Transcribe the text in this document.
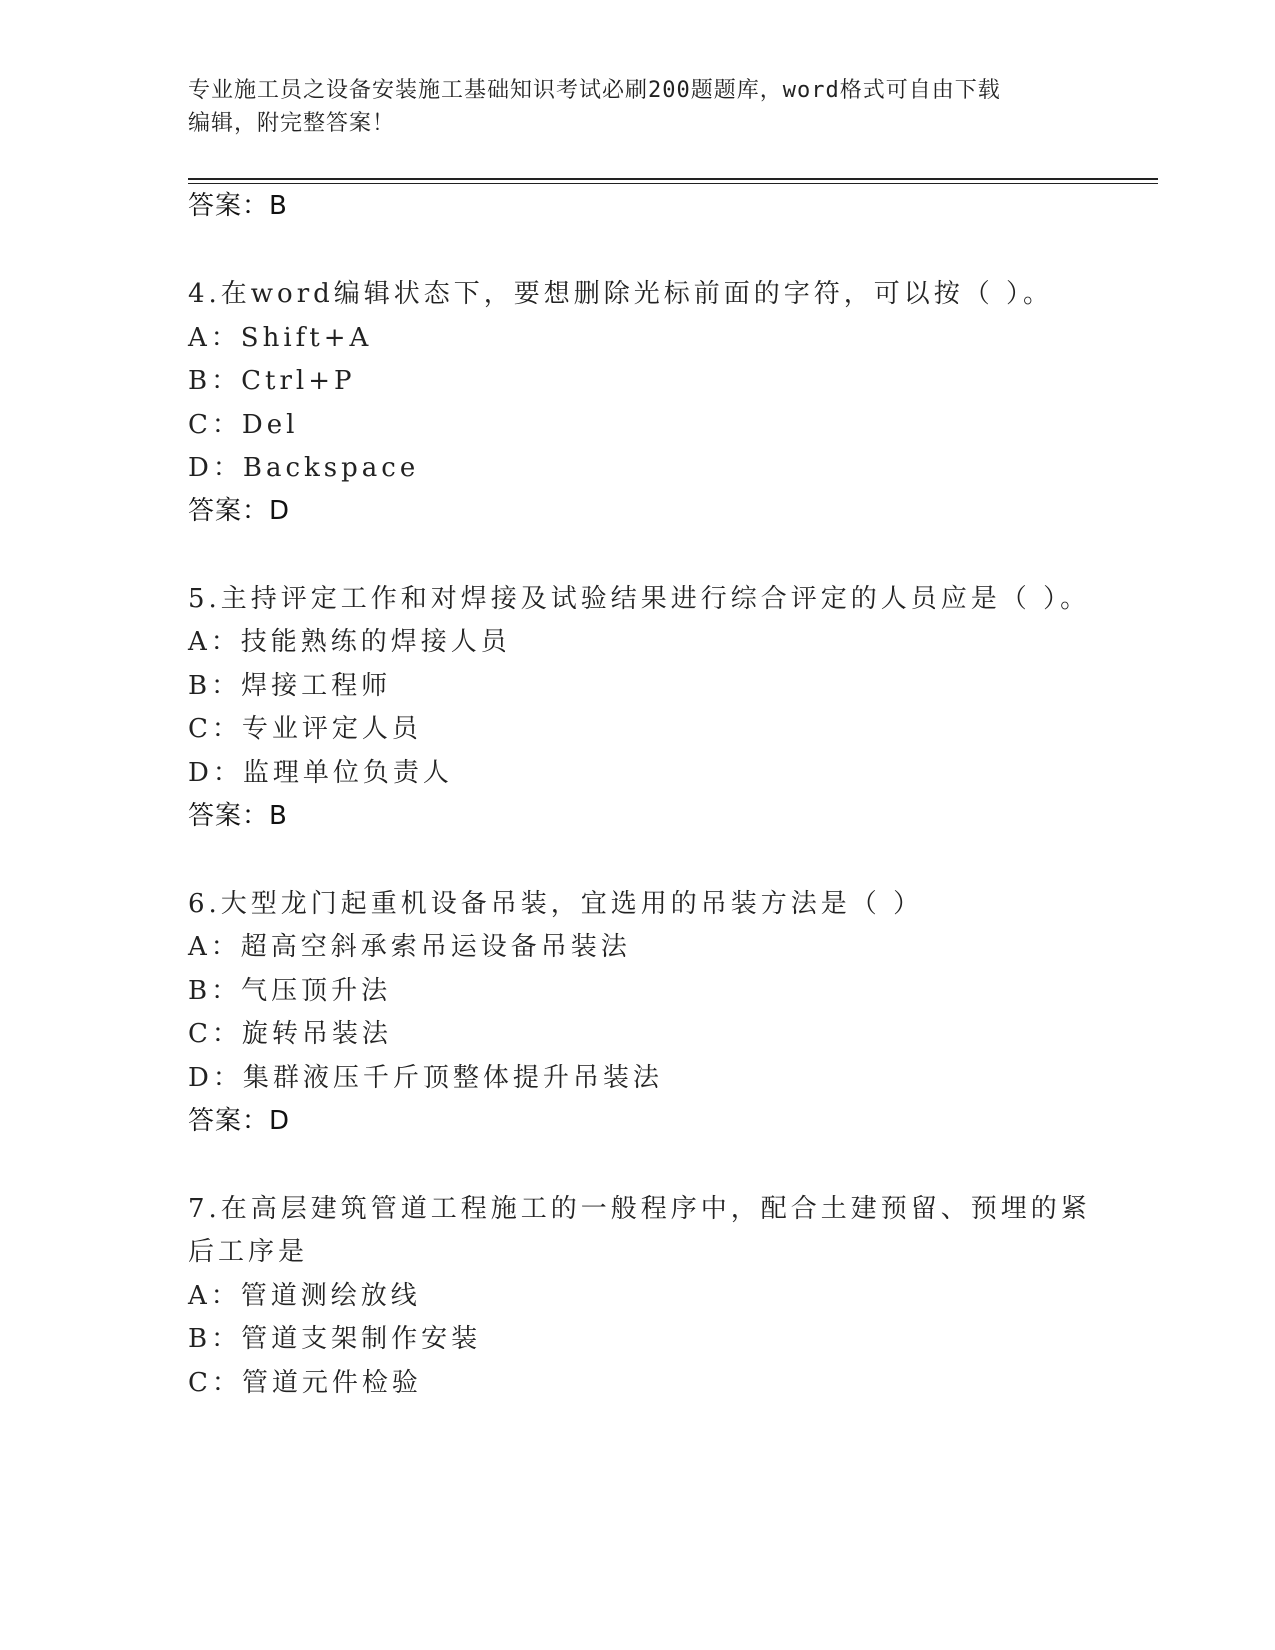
专业施工员之设备安装施工基础知识考试必刷200题题库，word格式可自由下载
编辑，附完整答案！
答案：B
4.在word编辑状态下，要想删除光标前面的字符，可以按（ ）。
A：Shift+A
B：Ctrl+P
C：Del
D：Backspace
答案：D
5.主持评定工作和对焊接及试验结果进行综合评定的人员应是（ ）。
A：技能熟练的焊接人员
B：焊接工程师
C：专业评定人员
D：监理单位负责人
答案：B
6.大型龙门起重机设备吊装，宜选用的吊装方法是（ ）
A：超高空斜承索吊运设备吊装法
B：气压顶升法
C：旋转吊装法
D：集群液压千斤顶整体提升吊装法
答案：D
7.在高层建筑管道工程施工的一般程序中，配合土建预留、预埋的紧
后工序是
A：管道测绘放线
B：管道支架制作安装
C：管道元件检验
